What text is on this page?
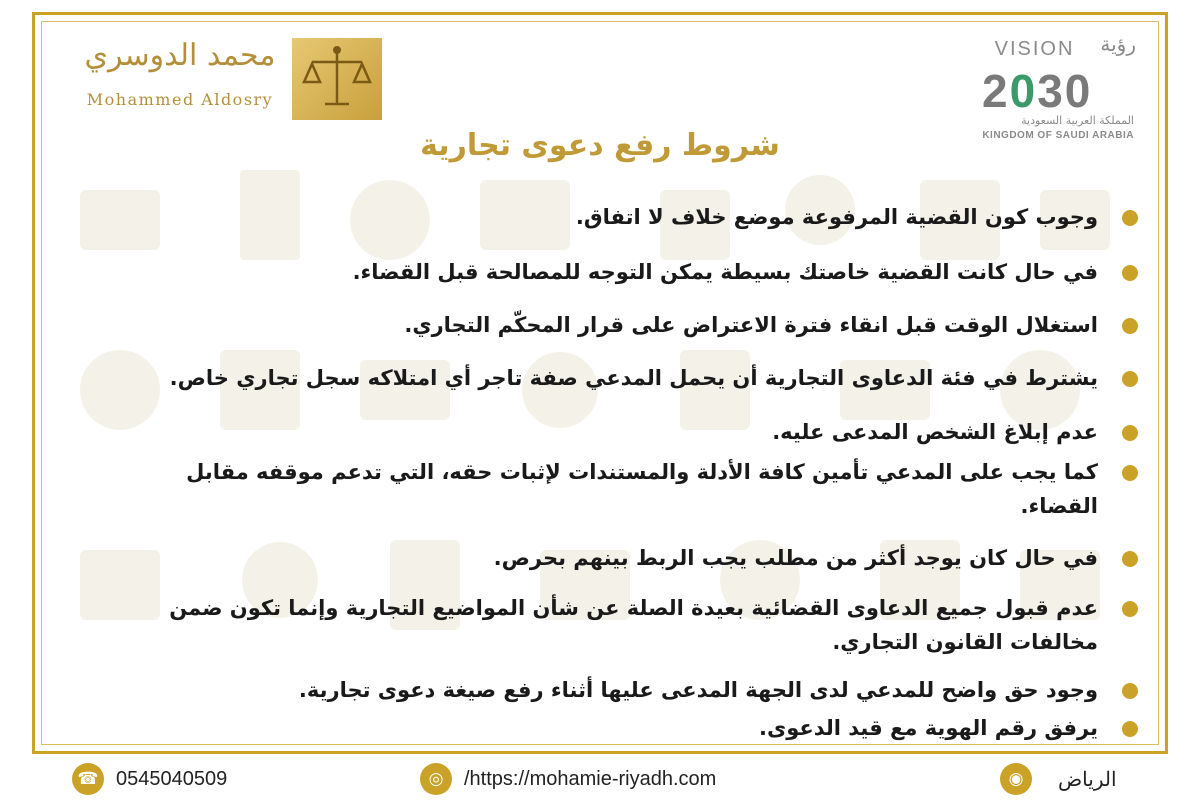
محمد الدوسري
Mohammed Aldosry
VISION	رؤية
2030
المملكة العربية السعودية
KINGDOM OF SAUDI ARABIA
شروط رفع دعوى تجارية
وجوب كون القضية المرفوعة موضع خلاف لا اتفاق.
في حال كانت القضية خاصتك بسيطة يمكن التوجه للمصالحة قبل القضاء.
استغلال الوقت قبل انقاء فترة الاعتراض على قرار المحكّم التجاري.
يشترط في فئة الدعاوى التجارية أن يحمل المدعي صفة تاجر أي امتلاكه سجل تجاري خاص.
عدم إبلاغ الشخص المدعى عليه.
كما يجب على المدعي تأمين كافة الأدلة والمستندات لإثبات حقه، التي تدعم موقفه مقابل القضاء.
في حال كان يوجد أكثر من مطلب يجب الربط بينهم بحرص.
عدم قبول جميع الدعاوى القضائية بعيدة الصلة عن شأن المواضيع التجارية وإنما تكون ضمن مخالفات القانون التجاري.
وجود حق واضح للمدعي لدى الجهة المدعى عليها أثناء رفع صيغة دعوى تجارية.
يرفق رقم الهوية مع قيد الدعوى.
☎ 0545040509	◎	/https://mohamie-riyadh.com	◉	الرياض
